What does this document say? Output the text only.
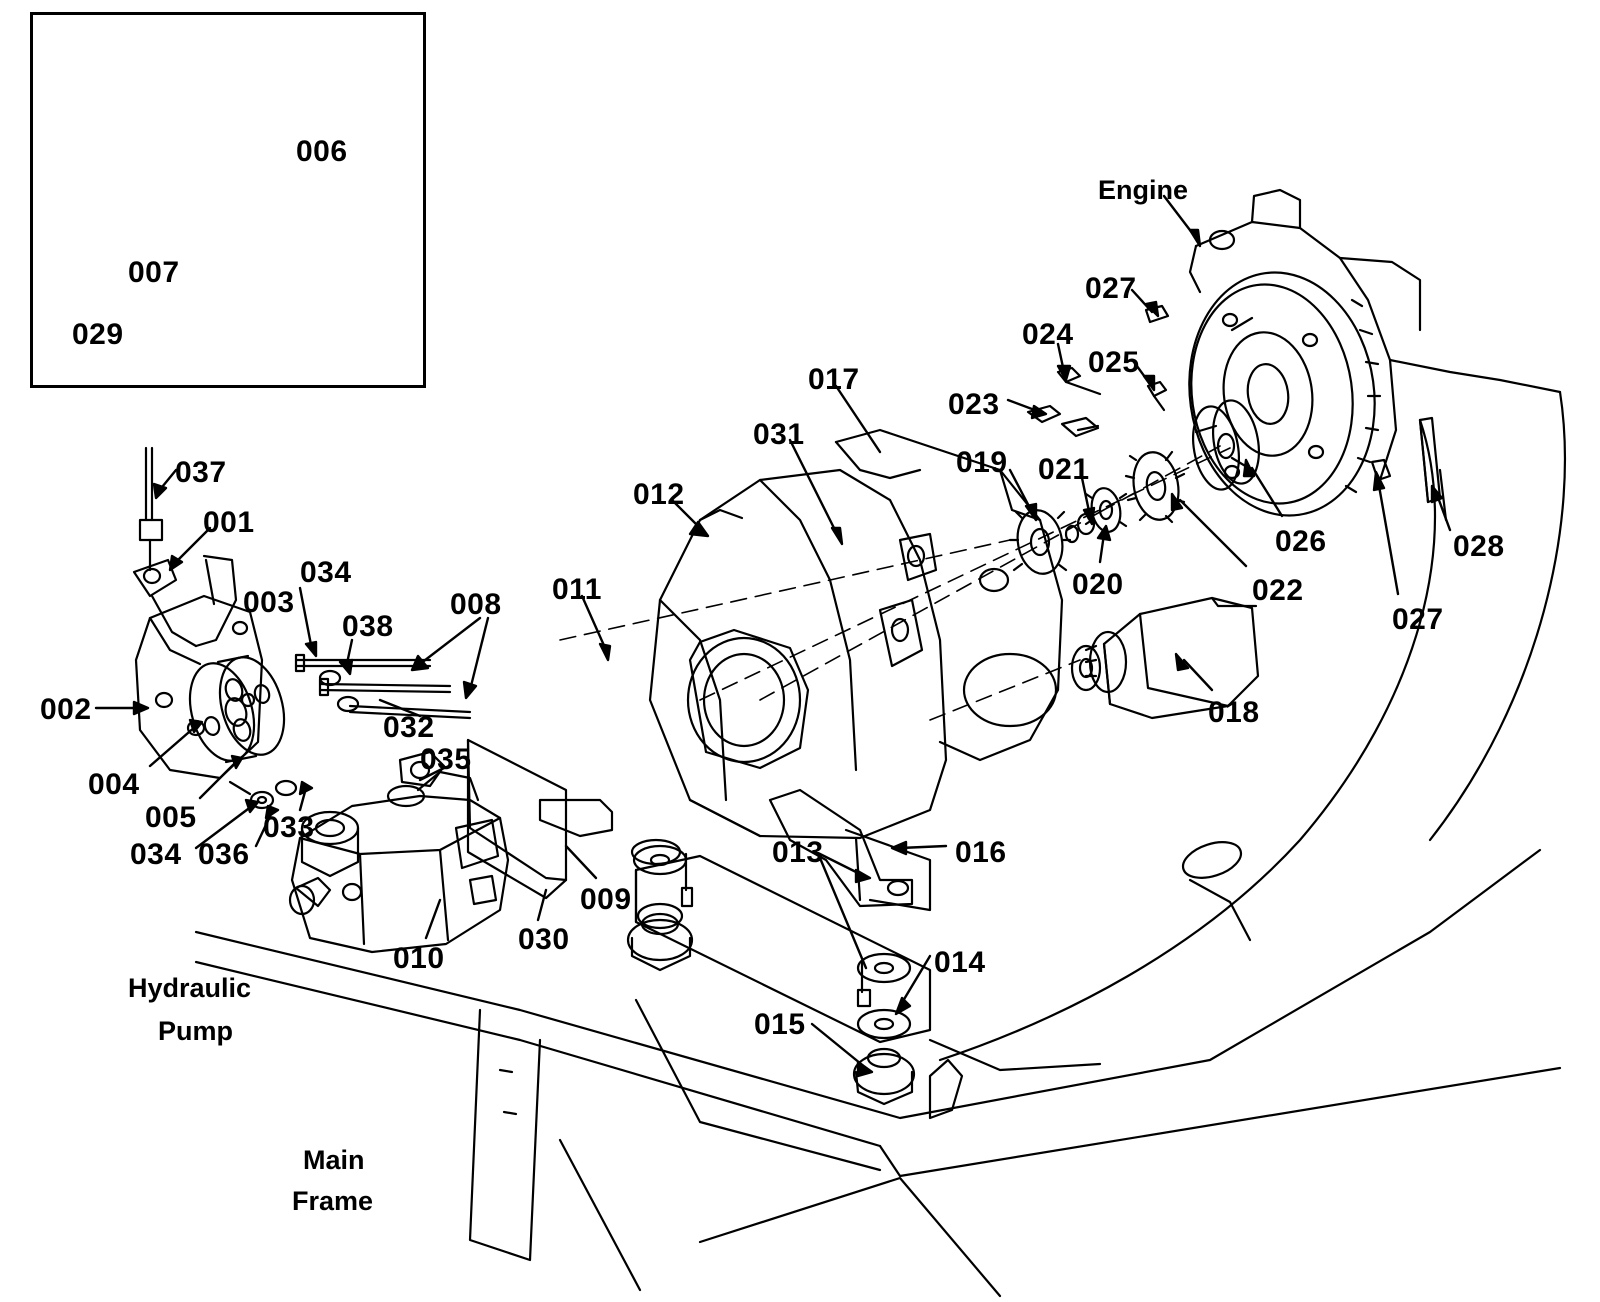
006
007
029
001
002
003
004
005
008
009
010
011
012
013
014
015
016
017
018
019
020
021
022
023
024
025
026
027
027
028
030
031
032
033
034
034
035
036
037
038
Engine
Hydraulic
Pump
Main
Frame
